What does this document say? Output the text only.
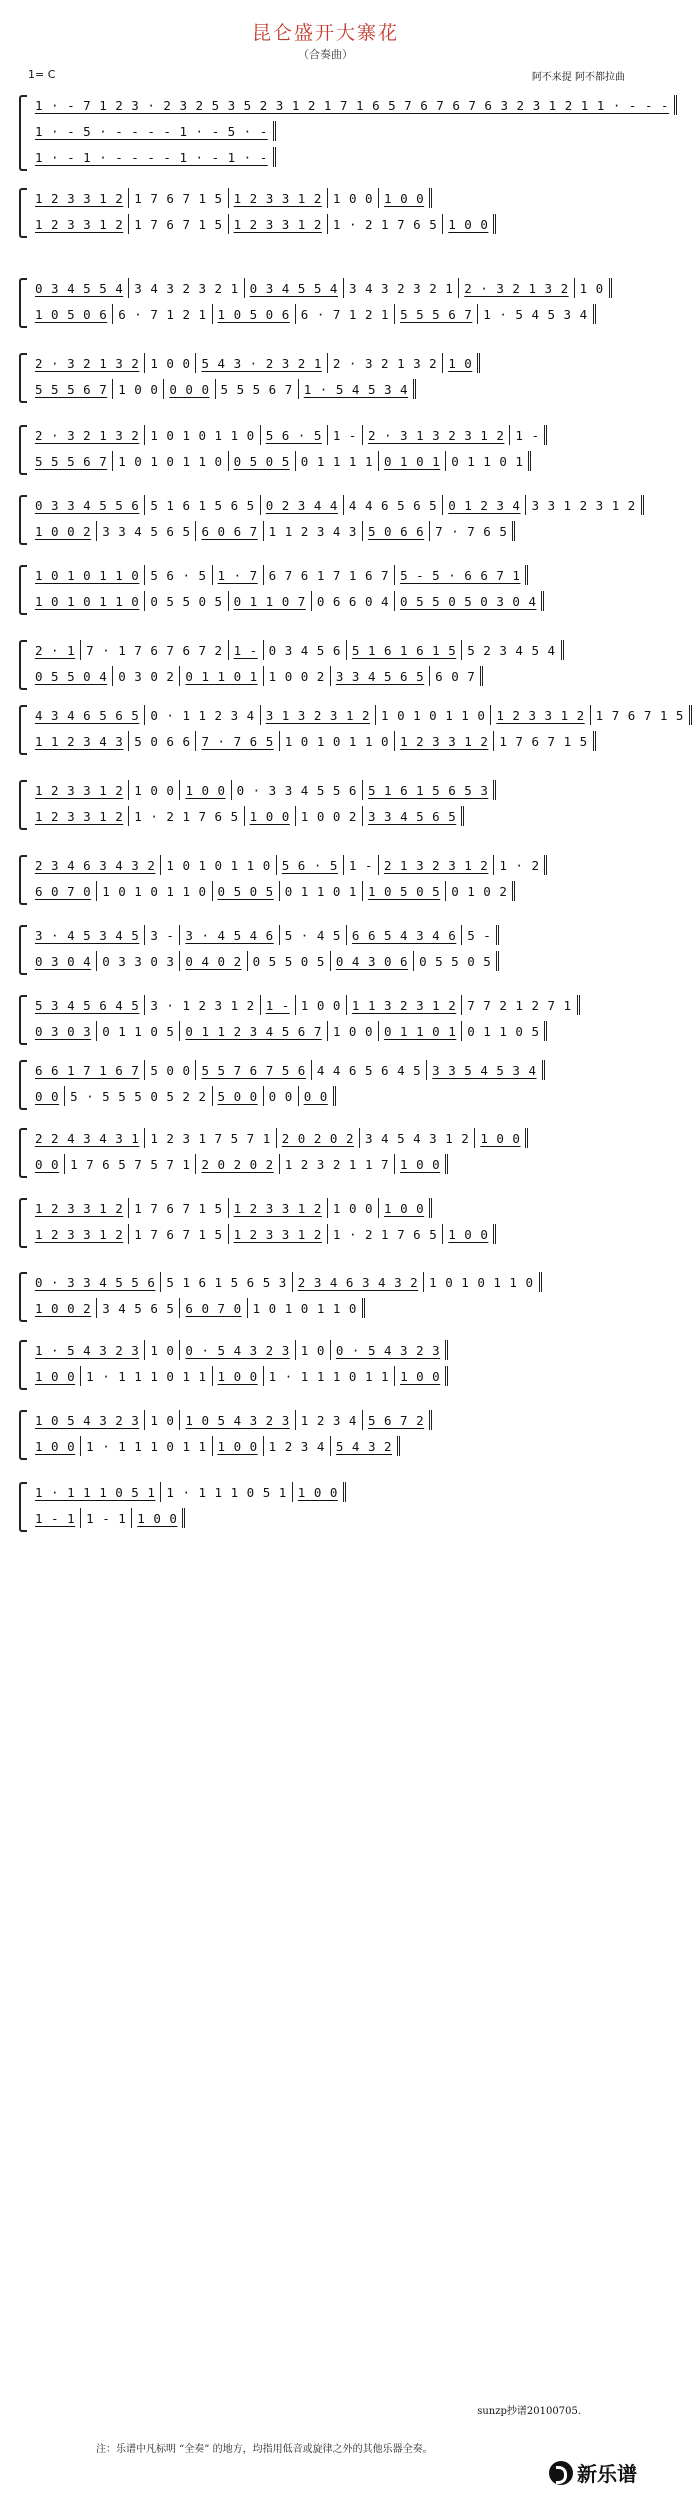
昆仑盛开大寨花
（合奏曲）
1= C	阿不来提 阿不都拉曲
1 · - 7 1 2 3 · 2 3 2 5 3 5 2 3 1 2 1 7 1 6 5 7 6 7 6 7 6 3 2 3 1 2 1 1 · - - -
1 · - 5 · - - - - 1 · - 5 · -
1 · - 1 · - - - - 1 · - 1 · -
1 2 3 3 1 2 1 7 6 7 1 5 1 2 3 3 1 2 1 0 0 1 0 0
1 2 3 3 1 2 1 7 6 7 1 5 1 2 3 3 1 2 1 · 2 1 7 6 5 1 0 0
0 3 4 5 5 4 3 4 3 2 3 2 1 0 3 4 5 5 4 3 4 3 2 3 2 1 2 · 3 2 1 3 2 1 0
1 0 5 0 6 6 · 7 1 2 1 1 0 5 0 6 6 · 7 1 2 1 5 5 5 6 7 1 · 5 4 5 3 4
2 · 3 2 1 3 2 1 0 0 5 4 3 · 2 3 2 1 2 · 3 2 1 3 2 1 0
5 5 5 6 7 1 0 0 0 0 0 5 5 5 6 7 1 · 5 4 5 3 4
2 · 3 2 1 3 2 1 0 1 0 1 1 0 5 6 · 5 1 - 2 · 3 1 3 2 3 1 2 1 -
5 5 5 6 7 1 0 1 0 1 1 0 0 5 0 5 0 1 1 1 1 0 1 0 1 0 1 1 0 1
0 3 3 4 5 5 6 5 1 6 1 5 6 5 0 2 3 4 4 4 4 6 5 6 5 0 1 2 3 4 3 3 1 2 3 1 2
1 0 0 2 3 3 4 5 6 5 6 0 6 7 1 1 2 3 4 3 5 0 6 6 7 · 7 6 5
1 0 1 0 1 1 0 5 6 · 5 1 · 7 6 7 6 1 7 1 6 7 5 - 5 · 6 6 7 1
1 0 1 0 1 1 0 0 5 5 0 5 0 1 1 0 7 0 6 6 0 4 0 5 5 0 5 0 3 0 4
2 · 1 7 · 1 7 6 7 6 7 2 1 - 0 3 4 5 6 5 1 6 1 6 1 5 5 2 3 4 5 4
0 5 5 0 4 0 3 0 2 0 1 1 0 1 1 0 0 2 3 3 4 5 6 5 6 0 7
4 3 4 6 5 6 5 0 · 1 1 2 3 4 3 1 3 2 3 1 2 1 0 1 0 1 1 0 1 2 3 3 1 2 1 7 6 7 1 5
1 1 2 3 4 3 5 0 6 6 7 · 7 6 5 1 0 1 0 1 1 0 1 2 3 3 1 2 1 7 6 7 1 5
1 2 3 3 1 2 1 0 0 1 0 0 0 · 3 3 4 5 5 6 5 1 6 1 5 6 5 3
1 2 3 3 1 2 1 · 2 1 7 6 5 1 0 0 1 0 0 2 3 3 4 5 6 5
2 3 4 6 3 4 3 2 1 0 1 0 1 1 0 5 6 · 5 1 - 2 1 3 2 3 1 2 1 · 2
6 0 7 0 1 0 1 0 1 1 0 0 5 0 5 0 1 1 0 1 1 0 5 0 5 0 1 0 2
3 · 4 5 3 4 5 3 - 3 · 4 5 4 6 5 · 4 5 6 6 5 4 3 4 6 5 -
0 3 0 4 0 3 3 0 3 0 4 0 2 0 5 5 0 5 0 4 3 0 6 0 5 5 0 5
5 3 4 5 6 4 5 3 · 1 2 3 1 2 1 - 1 0 0 1 1 3 2 3 1 2 7 7 2 1 2 7 1
0 3 0 3 0 1 1 0 5 0 1 1 2 3 4 5 6 7 1 0 0 0 1 1 0 1 0 1 1 0 5
6 6 1 7 1 6 7 5 0 0 5 5 7 6 7 5 6 4 4 6 5 6 4 5 3 3 5 4 5 3 4
0 0 5 · 5 5 5 0 5 2 2 5 0 0 0 0 0 0
2 2 4 3 4 3 1 1 2 3 1 7 5 7 1 2 0 2 0 2 3 4 5 4 3 1 2 1 0 0
0 0 1 7 6 5 7 5 7 1 2 0 2 0 2 1 2 3 2 1 1 7 1 0 0
1 2 3 3 1 2 1 7 6 7 1 5 1 2 3 3 1 2 1 0 0 1 0 0
1 2 3 3 1 2 1 7 6 7 1 5 1 2 3 3 1 2 1 · 2 1 7 6 5 1 0 0
0 · 3 3 4 5 5 6 5 1 6 1 5 6 5 3 2 3 4 6 3 4 3 2 1 0 1 0 1 1 0
1 0 0 2 3 4 5 6 5 6 0 7 0 1 0 1 0 1 1 0
1 · 5 4 3 2 3 1 0 0 · 5 4 3 2 3 1 0 0 · 5 4 3 2 3
1 0 0 1 · 1 1 1 0 1 1 1 0 0 1 · 1 1 1 0 1 1 1 0 0
1 0 5 4 3 2 3 1 0 1 0 5 4 3 2 3 1 2 3 4 5 6 7 2
1 0 0 1 · 1 1 1 0 1 1 1 0 0 1 2 3 4 5 4 3 2
1 · 1 1 1 0 5 1 1 · 1 1 1 0 5 1 1 0 0
1 - 1 1 - 1 1 0 0
sunzp抄谱20100705.
注：乐谱中凡标明 “全奏” 的地方，均指用低音或旋律之外的其他乐器全奏。
新乐谱
